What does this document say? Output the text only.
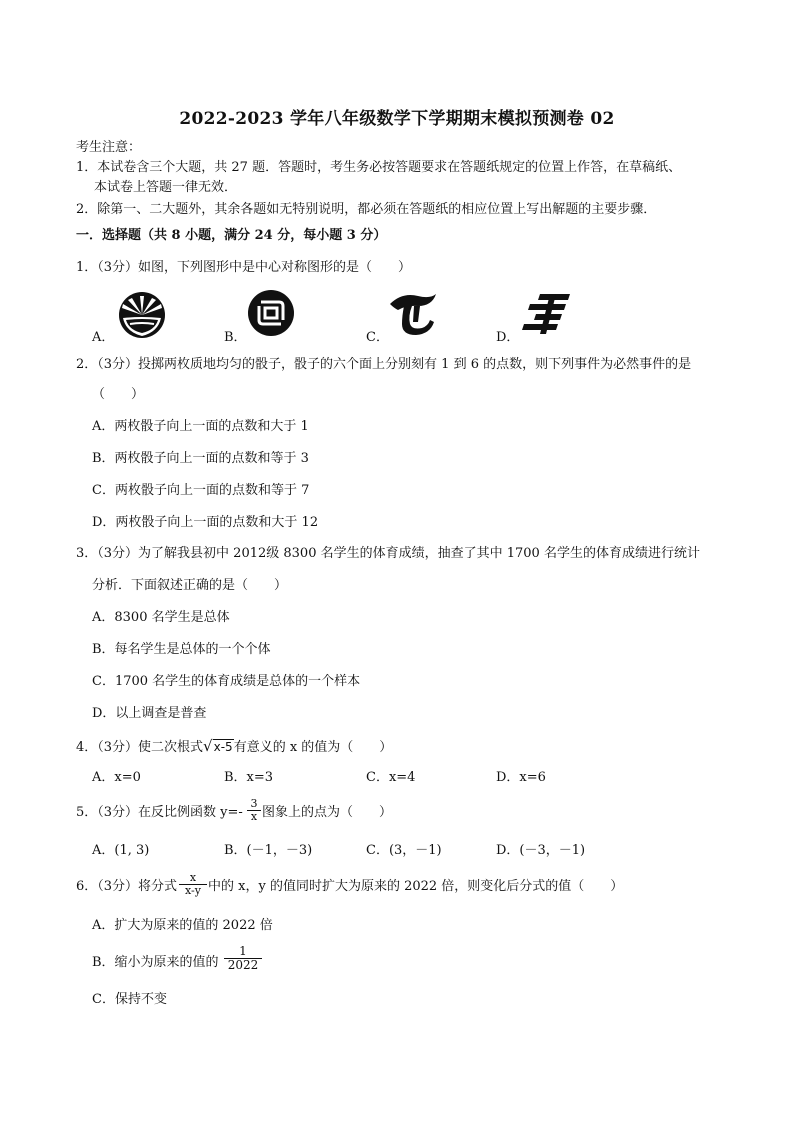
2022-2023 学年八年级数学下学期期末模拟预测卷 02
考生注意：
1．本试卷含三个大题，共 27 题．答题时，考生务必按答题要求在答题纸规定的位置上作答，在草稿纸、
本试卷上答题一律无效．
2．除第一、二大题外，其余各题如无特别说明，都必须在答题纸的相应位置上写出解题的主要步骤．
一．选择题（共 8 小题，满分 24 分，每小题 3 分）
1．（3分）如图，下列图形中是中心对称图形的是（　　）
A．	B．	C．	D．
2．（3分）投掷两枚质地均匀的骰子，骰子的六个面上分别刻有 1 到 6 的点数，则下列事件为必然事件的是
（　　）
A．两枚骰子向上一面的点数和大于 1
B．两枚骰子向上一面的点数和等于 3
C．两枚骰子向上一面的点数和等于 7
D．两枚骰子向上一面的点数和大于 12
3．（3分）为了解我县初中 2012级 8300 名学生的体育成绩，抽查了其中 1700 名学生的体育成绩进行统计
分析．下面叙述正确的是（　　）
A．8300 名学生是总体
B．每名学生是总体的一个个体
C．1700 名学生的体育成绩是总体的一个样本
D．以上调查是普查
4．（3分）使二次根式√x-5有意义的 x 的值为（　　）
A．x=0	B．x=3	C．x=4	D．x=6
5．（3分）在反比例函数 y=-
3
x 图象上的点为（　　）
A．(1, 3)	B．(－1，－3)	C．(3，－1)	D．(－3，－1)
6．（3分）将分式
x
x-y 中的 x，y 的值同时扩大为原来的 2022 倍，则变化后分式的值（　　）
A．扩大为原来的值的 2022 倍
B．缩小为原来的值的
1
2022
C．保持不变
